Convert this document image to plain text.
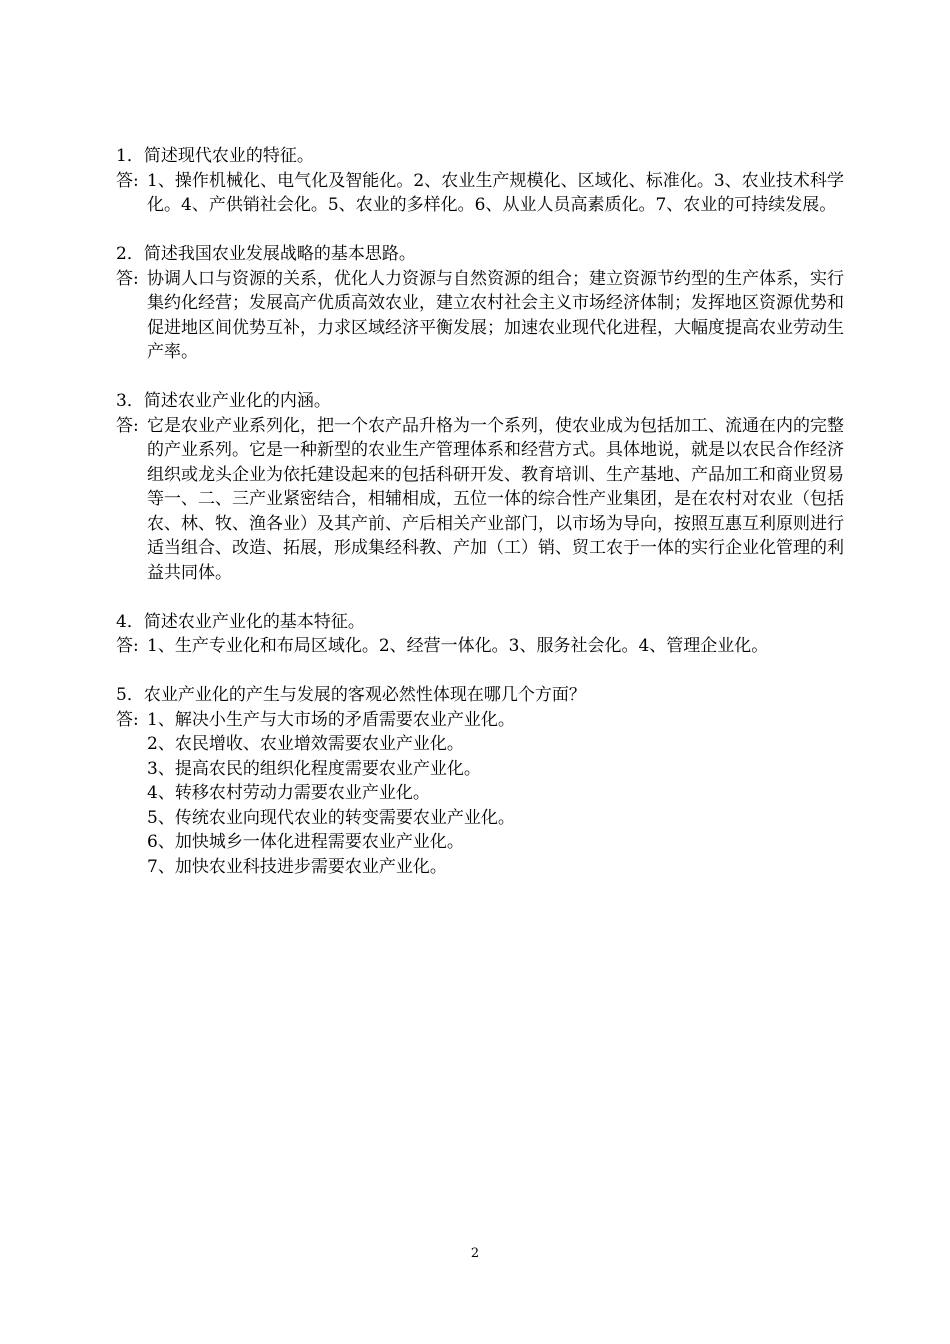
1．简述现代农业的特征。
答: 1、操作机械化、电气化及智能化。2、农业生产规模化、区域化、标准化。3、农业技术科学化。4、产供销社会化。5、农业的多样化。6、从业人员高素质化。7、农业的可持续发展。
2．简述我国农业发展战略的基本思路。
答: 协调人口与资源的关系，优化人力资源与自然资源的组合；建立资源节约型的生产体系，实行集约化经营；发展高产优质高效农业，建立农村社会主义市场经济体制；发挥地区资源优势和促进地区间优势互补，力求区域经济平衡发展；加速农业现代化进程，大幅度提高农业劳动生产率。
3．简述农业产业化的内涵。
答: 它是农业产业系列化，把一个农产品升格为一个系列，使农业成为包括加工、流通在内的完整的产业系列。它是一种新型的农业生产管理体系和经营方式。具体地说，就是以农民合作经济组织或龙头企业为依托建设起来的包括科研开发、教育培训、生产基地、产品加工和商业贸易等一、二、三产业紧密结合，相辅相成，五位一体的综合性产业集团，是在农村对农业（包括农、林、牧、渔各业）及其产前、产后相关产业部门，以市场为导向，按照互惠互利原则进行适当组合、改造、拓展，形成集经科教、产加（工）销、贸工农于一体的实行企业化管理的利益共同体。
4．简述农业产业化的基本特征。
答: 1、生产专业化和布局区域化。2、经营一体化。3、服务社会化。4、管理企业化。
5．农业产业化的产生与发展的客观必然性体现在哪几个方面？
答: 1、解决小生产与大市场的矛盾需要农业产业化。
2、农民增收、农业增效需要农业产业化。
3、提高农民的组织化程度需要农业产业化。
4、转移农村劳动力需要农业产业化。
5、传统农业向现代农业的转变需要农业产业化。
6、加快城乡一体化进程需要农业产业化。
7、加快农业科技进步需要农业产业化。
2
